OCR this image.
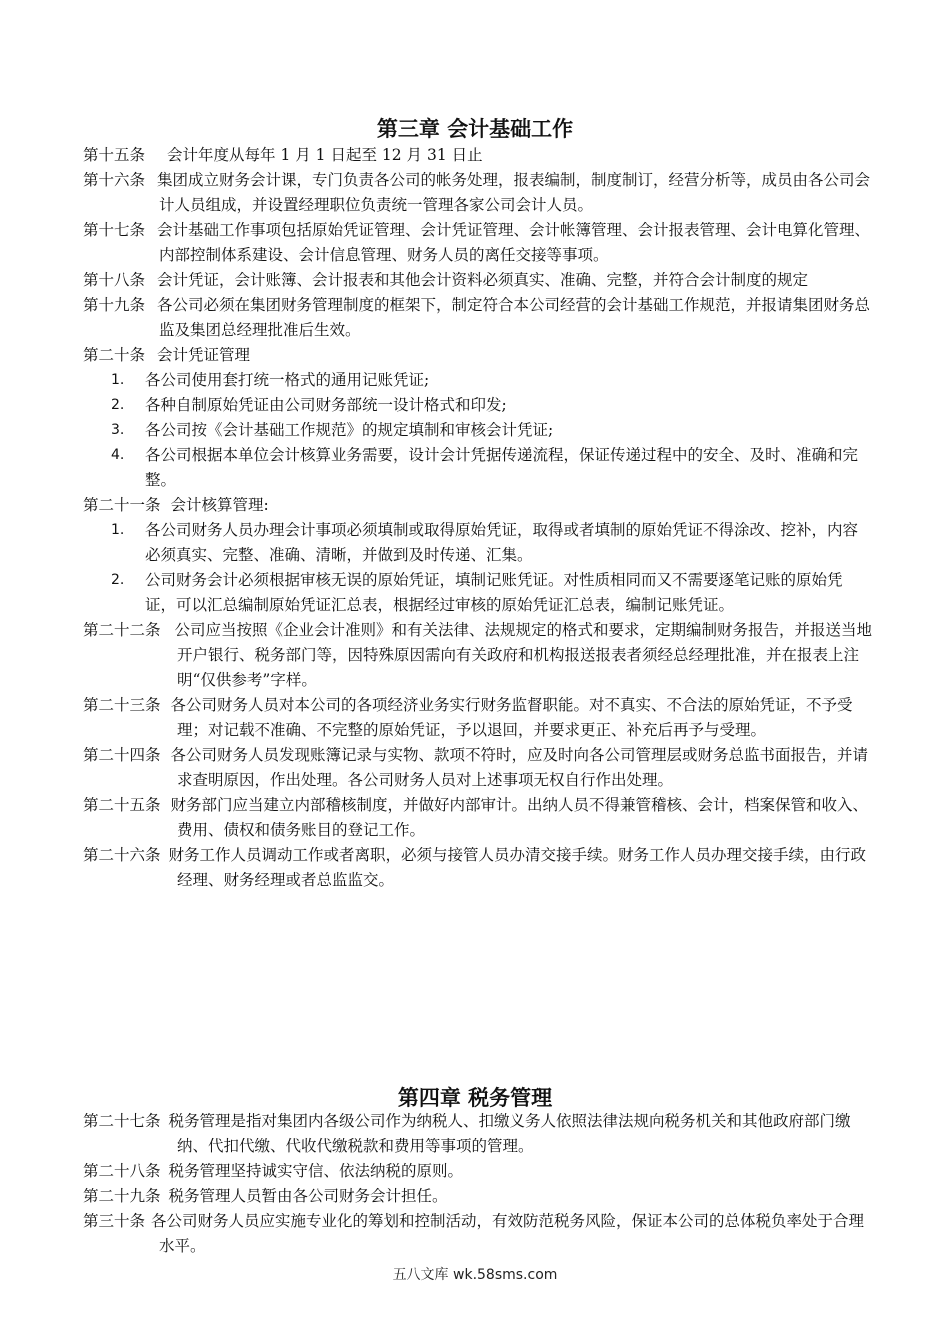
第三章 会计基础工作

第十五条 会计年度从每年 1 月 1 日起至 12 月 31 日止

第十六条 集团成立财务会计课，专门负责各公司的帐务处理，报表编制，制度制订，经营分析等，成员由各公司会计人员组成，并设置经理职位负责统一管理各家公司会计人员。

第十七条 会计基础工作事项包括原始凭证管理、会计凭证管理、会计帐簿管理、会计报表管理、会计电算化管理、内部控制体系建设、会计信息管理、财务人员的离任交接等事项。

第十八条 会计凭证，会计账簿、会计报表和其他会计资料必须真实、准确、完整，并符合会计制度的规定

第十九条 各公司必须在集团财务管理制度的框架下，制定符合本公司经营的会计基础工作规范，并报请集团财务总监及集团总经理批准后生效。

第二十条 会计凭证管理

1. 各公司使用套打统一格式的通用记账凭证;
2. 各种自制原始凭证由公司财务部统一设计格式和印发;
3. 各公司按《会计基础工作规范》的规定填制和审核会计凭证;
4. 各公司根据本单位会计核算业务需要，设计会计凭据传递流程，保证传递过程中的安全、及时、准确和完整。

第二十一条 会计核算管理:

1. 各公司财务人员办理会计事项必须填制或取得原始凭证，取得或者填制的原始凭证不得涂改、挖补，内容必须真实、完整、准确、清晰，并做到及时传递、汇集。
2. 公司财务会计必须根据审核无误的原始凭证，填制记账凭证。对性质相同而又不需要逐笔记账的原始凭证，可以汇总编制原始凭证汇总表，根据经过审核的原始凭证汇总表，编制记账凭证。

第二十二条 公司应当按照《企业会计准则》和有关法律、法规规定的格式和要求，定期编制财务报告，并报送当地开户银行、税务部门等，因特殊原因需向有关政府和机构报送报表者须经总经理批准，并在报表上注明“仅供参考”字样。

第二十三条 各公司财务人员对本公司的各项经济业务实行财务监督职能。对不真实、不合法的原始凭证，不予受理；对记载不准确、不完整的原始凭证，予以退回，并要求更正、补充后再予与受理。

第二十四条 各公司财务人员发现账簿记录与实物、款项不符时，应及时向各公司管理层或财务总监书面报告，并请求查明原因，作出处理。各公司财务人员对上述事项无权自行作出处理。

第二十五条 财务部门应当建立内部稽核制度，并做好内部审计。出纳人员不得兼管稽核、会计，档案保管和收入、费用、债权和债务账目的登记工作。

第二十六条 财务工作人员调动工作或者离职，必须与接管人员办清交接手续。财务工作人员办理交接手续，由行政经理、财务经理或者总监监交。

第四章 税务管理

第二十七条 税务管理是指对集团内各级公司作为纳税人、扣缴义务人依照法律法规向税务机关和其他政府部门缴纳、代扣代缴、代收代缴税款和费用等事项的管理。

第二十八条 税务管理坚持诚实守信、依法纳税的原则。

第二十九条 税务管理人员暂由各公司财务会计担任。

第三十条 各公司财务人员应实施专业化的筹划和控制活动，有效防范税务风险，保证本公司的总体税负率处于合理水平。

五八文库 wk.58sms.com
